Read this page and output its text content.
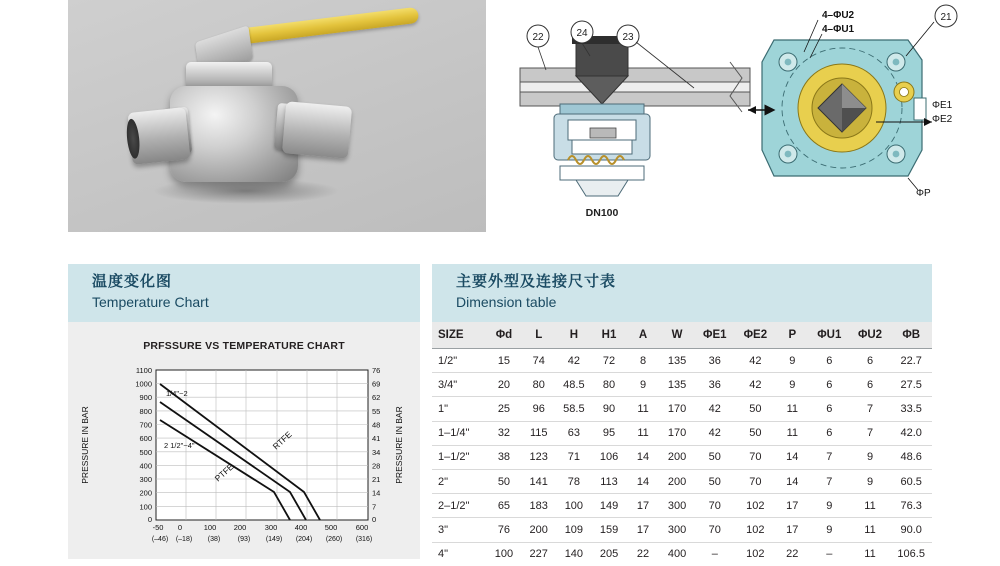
22	24	23
DN100
4–ΦU2
4–ΦU1
ΦE1
ΦE2
ΦP
21
温度变化图
Temperature Chart
主要外型及连接尺寸表
Dimension table
PRFSSURE VS TEMPERATURE CHART
1/4"~2
2 1/2"~4"	RTFE
PTFE
1100
1000
900
800
700
600
500
400
300
200
100
0
76
69
62
55
48
41
34
28
21
14
7
0
-50 0	100 200 300 400 500 600
(–46) (–18) (38)	(93) (149) (204) (260) (316)
PRESSURE IN BAR	PRESSURE IN BAR
SIZE	Φd	L	H	H1	A	W	ΦE1	ΦE2	P	ΦU1	ΦU2	ΦB
1/2"	15	74	42	72	8	135	36	42	9	6	6	22.7
3/4"	20	80	48.5	80	9	135	36	42	9	6	6	27.5
1"	25	96	58.5	90	11	170	42	50	11	6	7	33.5
1–1/4"	32	115	63	95	11	170	42	50	11	6	7	42.0
1–1/2"	38	123	71	106	14	200	50	70	14	7	9	48.6
2"	50	141	78	113	14	200	50	70	14	7	9	60.5
2–1/2"	65	183	100	149	17	300	70	102	17	9	11	76.3
3"	76	200	109	159	17	300	70	102	17	9	11	90.0
4"	100	227	140	205	22	400	–	102	22	–	11	106.5
